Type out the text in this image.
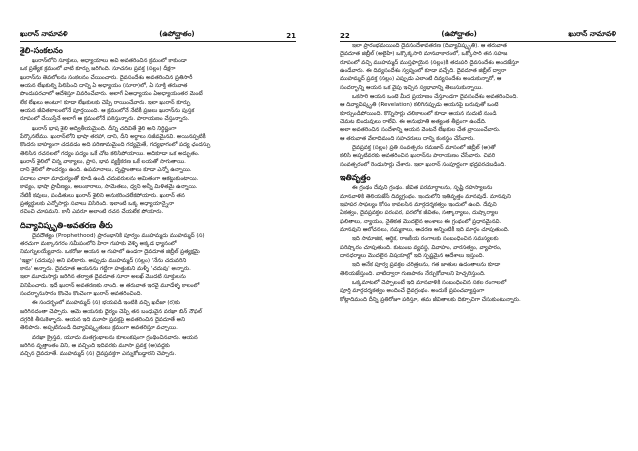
ఖురాన్ నామావళి	(ఉపోద్ఘాతం)	21
శైలి-సంకలనం
ఖురాన్‌లోని సూక్తులు, అధ్యాయాలు అవి అవతరించిన క్రమంలో కాకుండా
ఒక ప్రత్యేక క్రమంలో వాటి కూర్పు జరిగింది. సూచనల ప్రవక్త (సల్లం) దీక్షగా
ఖురాన్‌ను తెవలోలను సంకలనం చేయించారు. దైవసందేశం అవతరించిన ప్రతిసారీ
ఆయన లేఖకుల్ని పిలిపించి దాన్ని ఏ అధ్యాయం (సూరా)లో, ఏ సూక్తి తరువాత
పొందుపరచాలో ఆదేశిస్తూ వివరించేవారు. అలాగే ఏఅధ్యాయం ఏఅధ్యాయంతర మెంటే
లేక లేఖలు అంటూ! కూడా లేఖకులకు చెప్పి రాయించేవారు. ఇలా ఖురాన్ కూర్పు
ఆయన జీవితకాలంలోనే పూర్తయింది. ఆ క్రమంలోనే నేటికీ ప్రజలు ఖురాన్‌ను పుస్తక
రూపంలో చేయిస్తేనే అలాగే ఆ క్రమంలోనే పఠిస్తున్నారు. పారాయణం చేస్తున్నారు.
ఖురాన్ భాష శైలి అద్వితీయమైంది. దీన్ని చదివితే శైలి అని నిర్ధిష్టంగా
పేర్కొనలేము. ఖురాన్‌లోని భాషా తరహా, దాని, దీని అర్థాలు సజీవమైనవి. అయినప్పటికీ
కొందరు బాహ్యంగా చదవడం అది పరిణామమైంది గద్యమైతే, గద్యభాగంలో పద్య ఛందస్సు
తెలిసిన రచనలలో గద్యం పద్యం ఒకే చోట కలిసిపోయాయి. అదికూడా ఒక అద్భుతం.
ఖురాన్ శైలిలో చిన్న వాక్యాలు, ప్రాస, భావ వ్యక్తీకరణ ఒకే లయతో సాగుతాయి.
దాని శైలిలో సౌందర్యం ఉంది. ఉపమానాలు, దృష్టాంతాలు కూడా ఎన్నో ఉన్నాయి.
పదాలు చాలా మాధుర్యంతో కూడి ఉండి చదువరులను అమితంగా ఆకట్టుకుంటాయి.
కావ్యం, భాషా ప్రావీణ్యం, అలంకారాలు, సామెతలు, ధ్వని అన్నీ మిళితమై ఉన్నాయి.
నేటికీ కవులు, పండితులు ఖురాన్ శైలిని అనుకరించలేకపోయారు. ఖురాన్ తన
ప్రత్యర్థులకు ఎన్నోసార్లు సవాలు విసిరింది. ఇలాంటి ఒక్క అధ్యాయాన్నైనా
రచించి చూపమని. కానీ ఎవరూ అలాంటి రచన చేయలేక పోయారు.
దివ్యావిష్కృతి-అవతరణ తీరు
దైవదౌత్యం (Prophethood) ప్రారంభానికి పూర్వం ముహమ్మదు ముహమ్మద్ (స)
తరచుగా మక్కానగరం సమీపంలోని హిరా గుహకు వెళ్ళి అక్కడ ధ్యానంలో
నిమగ్నులయ్యేవారు. ఒకరోజు ఆయన ఆ గుహలో ఉండగా దైవదూత జిబ్రీల్ ప్రత్యక్షమై
'ఇఖ్రా' (చదువు) అని పలికారు. అప్పుడు ముహమ్మద్ (సల్లం) 'నేను చదువరిని
కాను' అన్నారు. దైవదూత ఆయనను గట్టిగా హత్తుకుని మళ్ళీ 'చదువు' అన్నారు.
ఇలా మూడుసార్లు జరిగిన తర్వాత దైవదూత సూరా అలఖ్ మొదటి సూక్తులను
వినిపించారు. ఇదే ఖురాన్ అవతరణకు నాంది. ఆ తరువాత ఇరవై మూడేళ్ళ కాలంలో
సందర్భానుసారం కొంచెం కొంచెంగా ఖురాన్ అవతరించింది.
ఈ సందర్భంలో ముహమ్మద్ (స) భయపడి ఇంటికి వచ్చి ఖదీజా (ర)కు
జరిగినదంతా చెప్పారు. ఆమె ఆయనకు ధైర్యం చెప్పి తన బంధువైన వరఖా బిన్ నౌఫల్
దగ్గరికి తీసుకెళ్ళారు. ఆయన ఇది మూసా ప్రవక్తపై అవతరించిన దైవదూతే అని
తెలిపారు. అప్పటినుండి దివ్యావిష్కృతులు క్రమంగా అవతరిస్తూ వచ్చాయి.
వరఖా క్రైస్తవ, యూదు మతగ్రంథాలను కూలంకషంగా గ్రంథించినవారు. ఆయన
జరిగిన వృత్తాంతం విని, ఆ వచ్చింది ఇదివరకు మూసా ప్రవక్త (అ)వద్దకు
వచ్చిన దైవదూతే. ముహమ్మద్ (స) దైవప్రవక్తగా ఎన్నుకోబడ్డారని చెప్పారు.
22	(ఉపోద్ఘాతం)	ఖురాన్ నామావళి
ఇలా ప్రారంభమయింది దైవసందేశావతరణ (దివ్యావిష్కృతి). ఆ తరువాత
దైవదూత జిబ్రీల్ (అలైహి) ఒక్కొక్కసారి మానవాకారంలో, ఒక్కోసారి తన సహజ
రూపంలో వచ్చి ముహమ్మద్ ముస్తఫాయైన (సల్లం)కి తదుపరి దైవసందేశం అందజేస్తూ
ఉండేవారు. ఈ దివ్యసందేశం స్వప్నంలో కూడా వచ్చేది. దైవదూత జిబ్రీల్ ద్వారా
ముహమ్మద్ ప్రవక్త (సల్లం) ఎప్పుడు ఎలాంటి దివ్యసందేశం అందుకున్నారో, ఆ
సందర్భాన్ని ఆయన ఒక వైపు ఇచ్చిన స్వభావాన్ని తెలుసుకున్నాయి.
ఒకసారి ఆయన ఒంటె మీద ప్రయాణం చేస్తూండగా దైవసందేశం అవతరించింది.
ఆ దివ్యావిష్కృతి (Revelation) కలిగినప్పుడు ఆయనపై బరువుతో ఒంటె
కూర్చుండిపోయింది. కొన్నిసార్లు చలికాలంలో కూడా ఆయన నుదుటి నుండి
చెమట బిందువులు రాలేవి. ఈ అనుభూతి అత్యంత తీవ్రంగా ఉండేది.
అలా అవతరించిన సందేశాన్ని ఆయన వెంటనే లేఖకుల చేత వ్రాయించేవారు.
ఆ తరువాత వేలాదిమంది సహచరులు దాన్ని కంఠస్థం చేసేవారు.
దైవప్రవక్త (సల్లం) ప్రతి సంవత్సరం రమజాన్ మాసంలో జిబ్రీల్ (అ)తో
కలిసి అప్పటివరకు అవతరించిన ఖురాన్‌ను పారాయణం చేసేవారు. చివరి
సంవత్సరంలో రెండుసార్లు చేశారు. ఇలా ఖురాన్ సంపూర్ణంగా భద్రపరచబడింది.
ఇతివృత్తం
ఈ గ్రంథం దేవుని గ్రంథం. జీవిత పరమార్థాలను, సృష్టి రహస్యాలను
మానవాళికి తెలియజేసే దివ్యగ్రంథం. ఇందులోని ఇతివృత్తం మానవుడే. మానవుని
ఇహపర సాఫల్యం కోసం కావలసిన మార్గదర్శకత్వం ఇందులో ఉంది. దేవుని
ఏకత్వం, దైవప్రవక్తల పరంపర, పరలోక జీవితం, సత్కార్యాలు, దుష్కార్యాల
ఫలితాలు, న్యాయం, నైతికత మొదలైన అంశాలు ఈ గ్రంథంలో ప్రధానమైనవి.
మానవుని ఆలోచనలు, నమ్మకాలు, ఆచరణ అన్నింటికీ ఇది మార్గం చూపుతుంది.
ఇది సామాజిక, ఆర్థిక, రాజకీయ రంగాలకు సంబంధించిన సమస్యలకు
పరిష్కారం చూపుతుంది. కుటుంబ వ్యవస్థ, వివాహం, వారసత్వం, వ్యాపారం,
దానధర్మాలు మొదలైన విషయాల్లో ఇది స్పష్టమైన ఆదేశాలు ఇస్తుంది.
ఇది అనేక పూర్వ ప్రవక్తల చరిత్రలను, గత జాతుల ఉదంతాలను కూడా
తెలియజేస్తుంది. వాటిద్వారా గుణపాఠం నేర్చుకోవాలని హెచ్చరిస్తుంది.
ఒక్కమాటలో చెప్పాలంటే ఇది మానవాళికి సంబంధించిన సకల రంగాలలో
పూర్తి మార్గదర్శకత్వం అందించే దైవగ్రంథం. అందుకే ప్రపంచవ్యాప్తంగా
కోట్లాదిమంది దీన్ని ప్రతిరోజూ పఠిస్తూ, తమ జీవితాలకు దిక్సూచిగా చేసుకుంటున్నారు.
